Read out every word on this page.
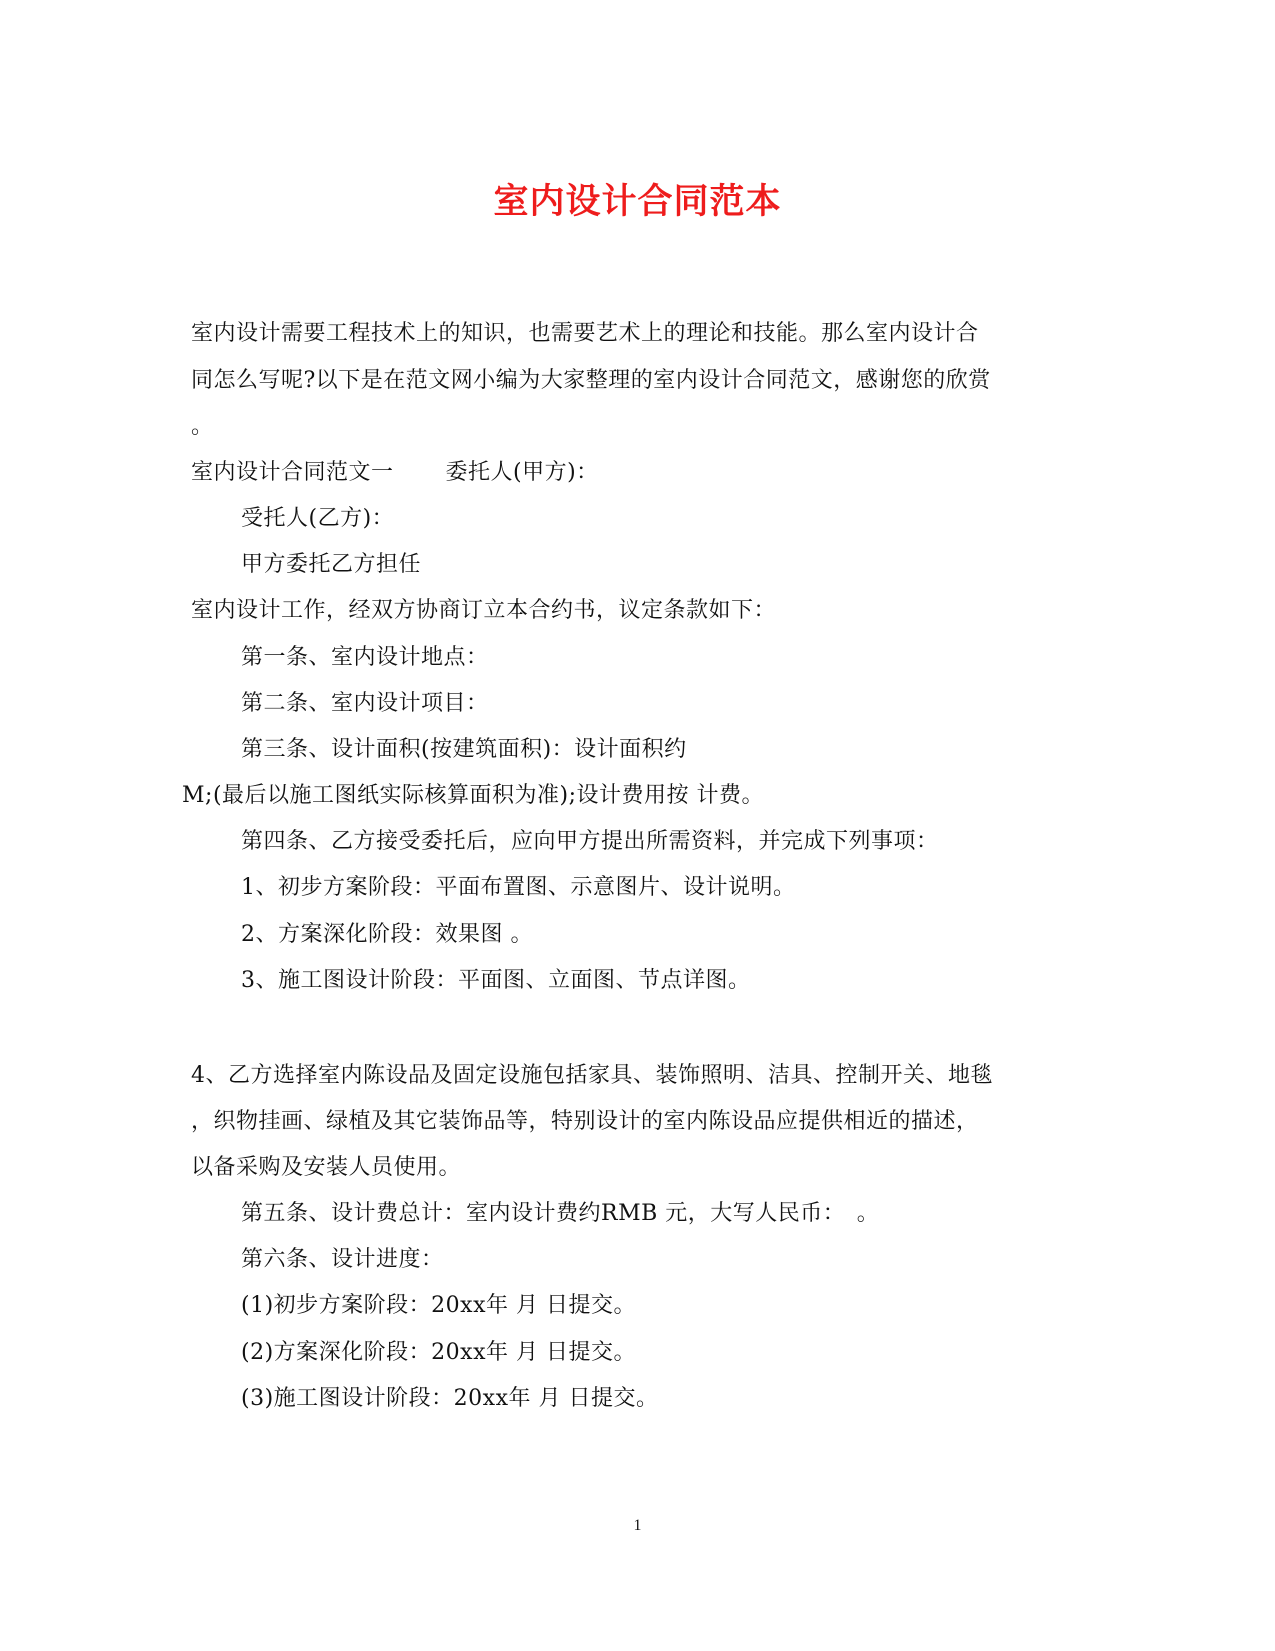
室内设计合同范本
室内设计需要工程技术上的知识，也需要艺术上的理论和技能。那么室内设计合
同怎么写呢?以下是在范文网小编为大家整理的室内设计合同范文，感谢您的欣赏
。
室内设计合同范文一 委托人(甲方)：
受托人(乙方)：
甲方委托乙方担任
室内设计工作，经双方协商订立本合约书，议定条款如下：
第一条、室内设计地点：
第二条、室内设计项目：
第三条、设计面积(按建筑面积)：设计面积约
M;(最后以施工图纸实际核算面积为准);设计费用按 计费。
第四条、乙方接受委托后，应向甲方提出所需资料，并完成下列事项：
1、初步方案阶段：平面布置图、示意图片、设计说明。
2、方案深化阶段：效果图 。
3、施工图设计阶段：平面图、立面图、节点详图。
4、乙方选择室内陈设品及固定设施包括家具、装饰照明、洁具、控制开关、地毯
，织物挂画、绿植及其它装饰品等，特别设计的室内陈设品应提供相近的描述，
以备采购及安装人员使用。
第五条、设计费总计：室内设计费约RMB 元，大写人民币：　。
第六条、设计进度：
(1)初步方案阶段：20xx年 月 日提交。
(2)方案深化阶段：20xx年 月 日提交。
(3)施工图设计阶段：20xx年 月 日提交。
1
